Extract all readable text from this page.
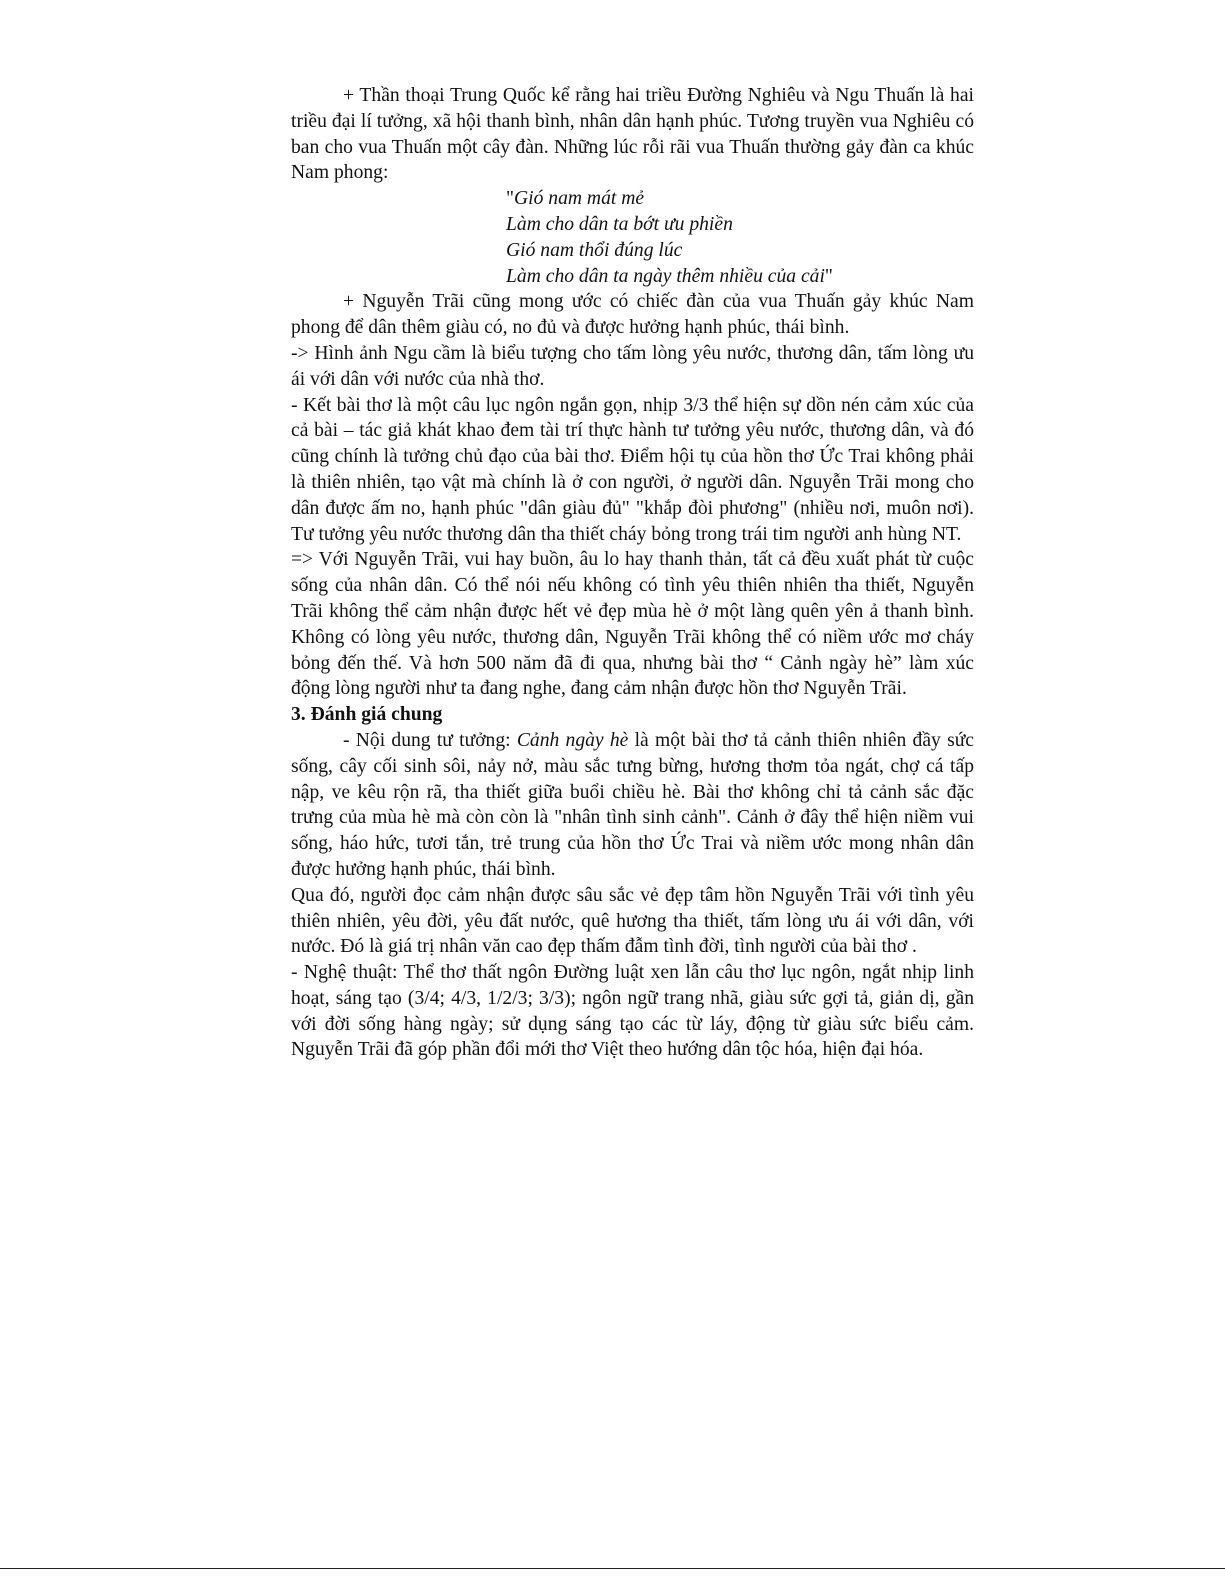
+ Thần thoại Trung Quốc kể rằng hai triều Đường Nghiêu và Ngu Thuấn là hai triều đại lí tưởng, xã hội thanh bình, nhân dân hạnh phúc. Tương truyền vua Nghiêu có ban cho vua Thuấn một cây đàn. Những lúc rỗi rãi vua Thuấn thường gảy đàn ca khúc Nam phong:

"Gió nam mát mẻ
Làm cho dân ta bớt ưu phiền
Gió nam thổi đúng lúc
Làm cho dân ta ngày thêm nhiều của cải"

+ Nguyễn Trãi cũng mong ước có chiếc đàn của vua Thuấn gảy khúc Nam phong để dân thêm giàu có, no đủ và được hưởng hạnh phúc, thái bình.

-> Hình ảnh Ngu cầm là biểu tượng cho tấm lòng yêu nước, thương dân, tấm lòng ưu ái với dân với nước của nhà thơ.

- Kết bài thơ là một câu lục ngôn ngắn gọn, nhịp 3/3 thể hiện sự dồn nén cảm xúc của cả bài – tác giả khát khao đem tài trí thực hành tư tưởng yêu nước, thương dân, và đó cũng chính là tưởng chủ đạo của bài thơ. Điểm hội tụ của hồn thơ Ức Trai không phải là thiên nhiên, tạo vật mà chính là ở con người, ở người dân. Nguyễn Trãi mong cho dân được ấm no, hạnh phúc "dân giàu đủ" "khắp đòi phương" (nhiều nơi, muôn nơi). Tư tưởng yêu nước thương dân tha thiết cháy bỏng trong trái tim người anh hùng NT.

=> Với Nguyễn Trãi, vui hay buồn, âu lo hay thanh thản, tất cả đều xuất phát từ cuộc sống của nhân dân. Có thể nói nếu không có tình yêu thiên nhiên tha thiết, Nguyễn Trãi không thể cảm nhận được hết vẻ đẹp mùa hè ở một làng quên yên ả thanh bình. Không có lòng yêu nước, thương dân, Nguyễn Trãi không thể có niềm ước mơ cháy bỏng đến thế. Và hơn 500 năm đã đi qua, nhưng bài thơ “ Cảnh ngày hè” làm xúc động lòng người như ta đang nghe, đang cảm nhận được hồn thơ Nguyễn Trãi.

3. Đánh giá chung

- Nội dung tư tưởng: Cảnh ngày hè là một bài thơ tả cảnh thiên nhiên đầy sức sống, cây cối sinh sôi, nảy nở, màu sắc tưng bừng, hương thơm tỏa ngát, chợ cá tấp nập, ve kêu rộn rã, tha thiết giữa buổi chiều hè. Bài thơ không chỉ tả cảnh sắc đặc trưng của mùa hè mà còn còn là "nhân tình sinh cảnh". Cảnh ở đây thể hiện niềm vui sống, háo hức, tươi tắn, trẻ trung của hồn thơ Ức Trai và niềm ước mong nhân dân được hưởng hạnh phúc, thái bình.

Qua đó, người đọc cảm nhận được sâu sắc vẻ đẹp tâm hồn Nguyễn Trãi với tình yêu thiên nhiên, yêu đời, yêu đất nước, quê hương tha thiết, tấm lòng ưu ái với dân, với nước. Đó là giá trị nhân văn cao đẹp thấm đẫm tình đời, tình người của bài thơ .

- Nghệ thuật: Thể thơ thất ngôn Đường luật xen lẫn câu thơ lục ngôn, ngắt nhịp linh hoạt, sáng tạo (3/4; 4/3, 1/2/3; 3/3); ngôn ngữ trang nhã, giàu sức gợi tả, giản dị, gần với đời sống hàng ngày; sử dụng sáng tạo các từ láy, động từ giàu sức biểu cảm. Nguyễn Trãi đã góp phần đổi mới thơ Việt theo hướng dân tộc hóa, hiện đại hóa.
